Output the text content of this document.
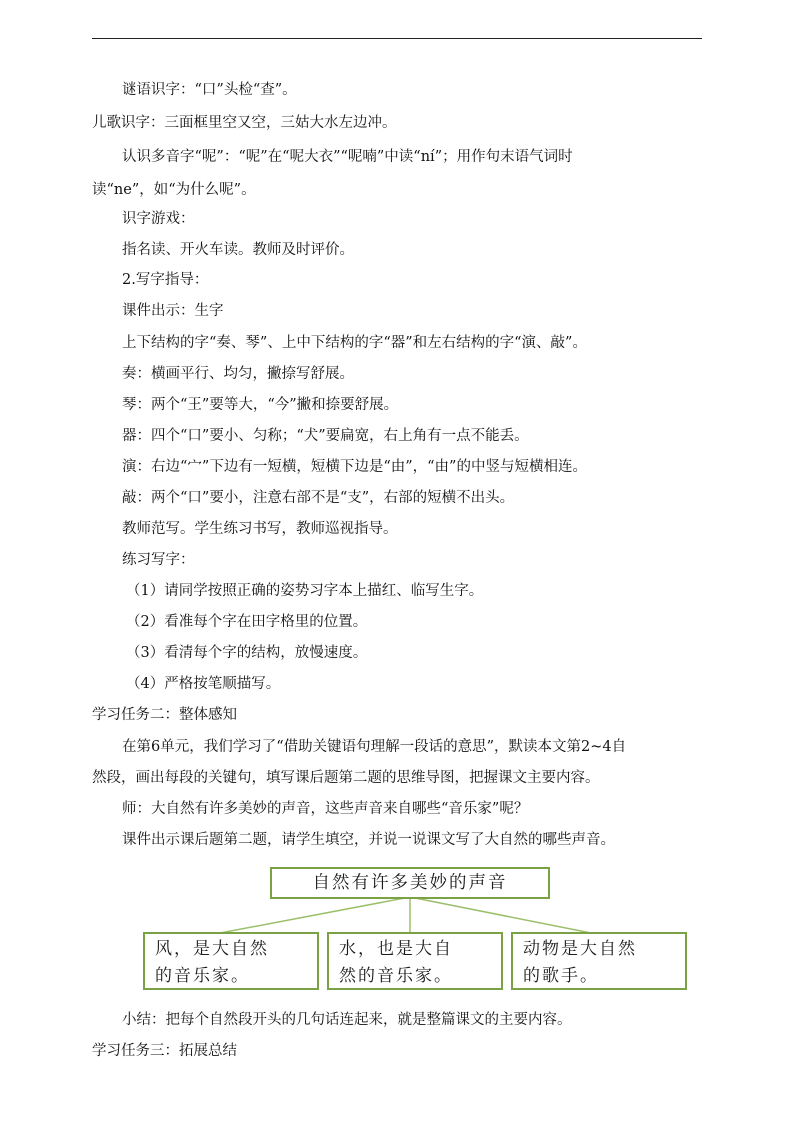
谜语识字：“口”头检“查”。
儿歌识字：三面框里空又空，三姑大水左边冲。
认识多音字“呢”：“呢”在“呢大衣”“呢喃”中读“ní”；用作句末语气词时
读“ne”，如“为什么呢”。
识字游戏：
指名读、开火车读。教师及时评价。
2.写字指导：
课件出示：生字
上下结构的字“奏、琴”、上中下结构的字“器”和左右结构的字“演、敲”。
奏：横画平行、均匀，撇捺写舒展。
琴：两个“王”要等大，“今”撇和捺要舒展。
器：四个“口”要小、匀称；“犬”要扁宽，右上角有一点不能丢。
演：右边“宀”下边有一短横，短横下边是“由”，“由”的中竖与短横相连。
敲：两个“口”要小，注意右部不是“支”，右部的短横不出头。
教师范写。学生练习书写，教师巡视指导。
练习写字：
（1）请同学按照正确的姿势习字本上描红、临写生字。
（2）看准每个字在田字格里的位置。
（3）看清每个字的结构，放慢速度。
（4）严格按笔顺描写。
学习任务二：整体感知
在第6单元，我们学习了“借助关键语句理解一段话的意思”，默读本文第2~4自
然段，画出每段的关键句，填写课后题第二题的思维导图，把握课文主要内容。
师：大自然有许多美妙的声音，这些声音来自哪些“音乐家”呢？
课件出示课后题第二题，请学生填空，并说一说课文写了大自然的哪些声音。
自然有许多美妙的声音
风，是大自然
的音乐家。
水，也是大自
然的音乐家。
动物是大自然
的歌手。
小结：把每个自然段开头的几句话连起来，就是整篇课文的主要内容。
学习任务三：拓展总结
